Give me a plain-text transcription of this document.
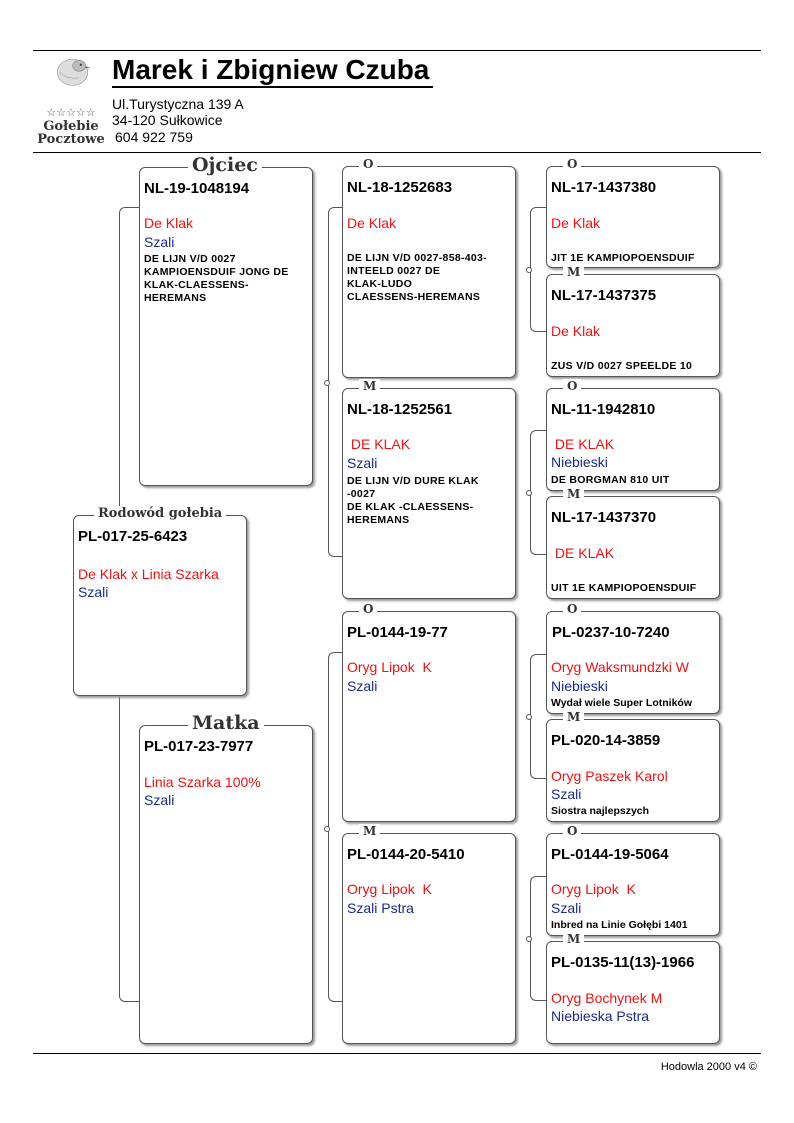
☆☆☆☆☆
Gołebie
Pocztowe
Marek i Zbigniew Czuba
Ul.Turystyczna 139 A
34-120 Sułkowice
604 922 759
Rodowód gołebia
PL-017-25-6423
De Klak x Linia Szarka
Szali
Ojciec
NL-19-1048194
De Klak
Szali
DE LIJN V/D 0027
KAMPIOENSDUIF JONG DE
KLAK-CLAESSENS-
HEREMANS
Matka
PL-017-23-7977
Linia Szarka 100%
Szali
O
NL-18-1252683
De Klak
DE LIJN V/D 0027-858-403-
INTEELD 0027 DE
KLAK-LUDO
CLAESSENS-HEREMANS
M
NL-18-1252561
DE KLAK
Szali
DE LIJN V/D DURE KLAK
-0027
DE KLAK -CLAESSENS-
HEREMANS
O
PL-0144-19-77
Oryg Lipok  K
Szali
M
PL-0144-20-5410
Oryg Lipok  K
Szali Pstra
O
NL-17-1437380
De Klak
JIT 1E KAMPIOPOENSDUIF
M
NL-17-1437375
De Klak
ZUS V/D 0027 SPEELDE 10
O
NL-11-1942810
DE KLAK
Niebieski
DE BORGMAN 810 UIT
M
NL-17-1437370
DE KLAK
UIT 1E KAMPIOPOENSDUIF
O
PL-0237-10-7240
Oryg Waksmundzki W
Niebieski
Wydał wiele Super Lotników
M
PL-020-14-3859
Oryg Paszek Karol
Szali
Siostra najlepszych
O
PL-0144-19-5064
Oryg Lipok  K
Szali
Inbred na Linie Gołębi 1401
M
PL-0135-11(13)-1966
Oryg Bochynek M
Niebieska Pstra
Hodowla 2000 v4 ©
